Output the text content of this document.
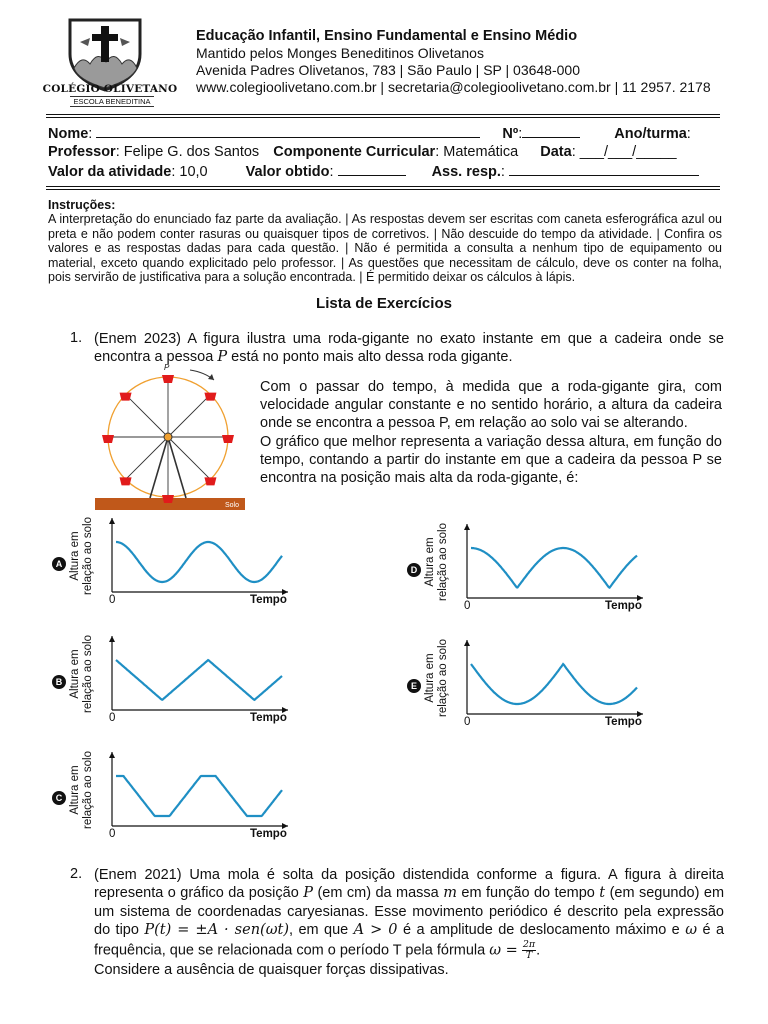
COLÉGIO OLIVETANO
ESCOLA BENEDITINA
Educação Infantil, Ensino Fundamental e Ensino Médio
Mantido pelos Monges Beneditinos Olivetanos
Avenida Padres Olivetanos, 783 | São Paulo | SP | 03648-000
www.colegioolivetano.com.br | secretaria@colegioolivetano.com.br | 11 2957. 2178
Nome:	Nº:	Ano/turma:
Professor: Felipe G. dos Santos Componente Curricular: Matemática Data: ___/___/_____
Valor da atividade: 10,0	Valor obtido:	Ass. resp.:
Instruções:
A interpretação do enunciado faz parte da avaliação. | As respostas devem ser escritas com caneta esferográfica azul ou preta e não podem conter rasuras ou quaisquer tipos de corretivos. | Não descuide do tempo da atividade. | Confira os valores e as respostas dadas para cada questão. | Não é permitida a consulta a nenhum tipo de equipamento ou material, exceto quando explicitado pelo professor. | As questões que necessitam de cálculo, deve os conter na folha, pois servirão de justificativa para a solução encontrada. | É permitido deixar os cálculos à lápis.
Lista de Exercícios
1. (Enem 2023) A figura ilustra uma roda-gigante no exato instante em que a cadeira onde se encontra a pessoa P está no ponto mais alto dessa roda gigante.
Solo
P
Com o passar do tempo, à medida que a roda-gigante gira, com velocidade angular constante e no sentido horário, a altura da cadeira onde se encontra a pessoa P, em relação ao solo vai se alterando.
O gráfico que melhor representa a variação dessa altura, em função do tempo, contando a partir do instante em que a cadeira da pessoa P se encontra na posição mais alta da roda-gigante, é:
A Altura em relação ao solo
0	Tempo
B Altura em relação ao solo
0	Tempo
C Altura em relação ao solo
0	Tempo
D Altura em relação ao solo
0	Tempo
E Altura em relação ao solo
0	Tempo
2. (Enem 2021) Uma mola é solta da posição distendida conforme a figura. A figura à direita representa o gráfico da posição P (em cm) da massa m em função do tempo t (em segundo) em um sistema de coordenadas caryesianas. Esse movimento periódico é descrito pela expressão do tipo P(t) = ±A · sen(ωt), em que A > 0 é a amplitude de deslocamento máximo e ω é a frequência, que se relacionada com o período T pela fórmula $\omega = \frac{2\pi}{T}$ .
Considere a ausência de quaisquer forças dissipativas.
